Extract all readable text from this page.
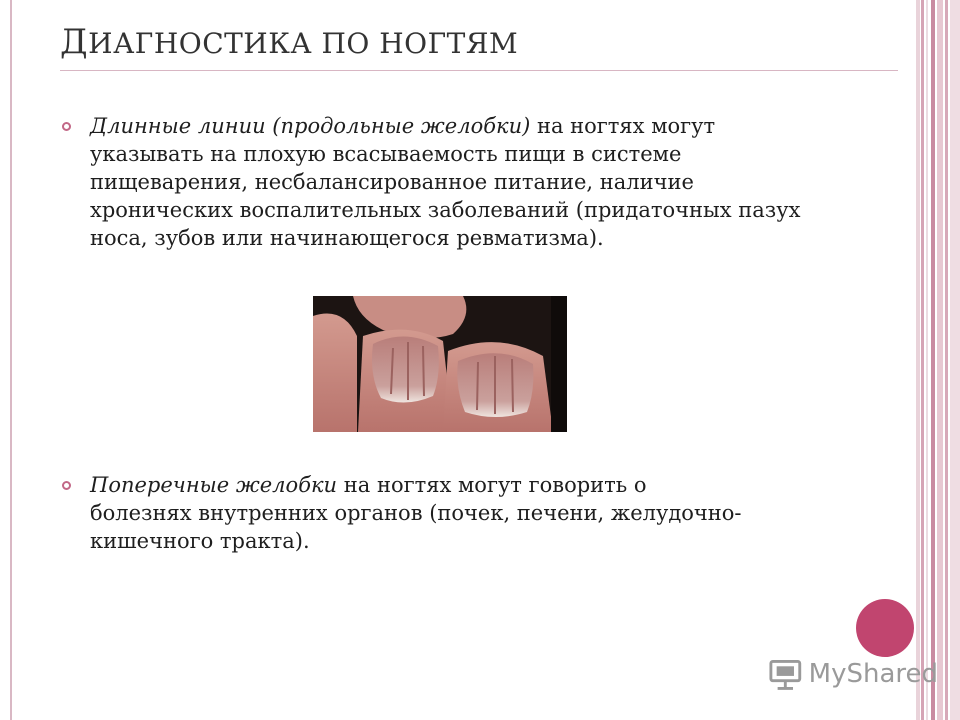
ДИАГНОСТИКА ПО НОГТЯМ
Длинные линии (продольные желобки) на ногтях могут указывать на плохую всасываемость пищи в системе пищеварения, несбалансированное питание, наличие хронических воспалительных заболеваний (придаточных пазух носа, зубов или начинающегося ревматизма).
Поперечные желобки на ногтях могут говорить о болезнях внутренних органов (почек, печени, желудочно-кишечного тракта).
MyShared
